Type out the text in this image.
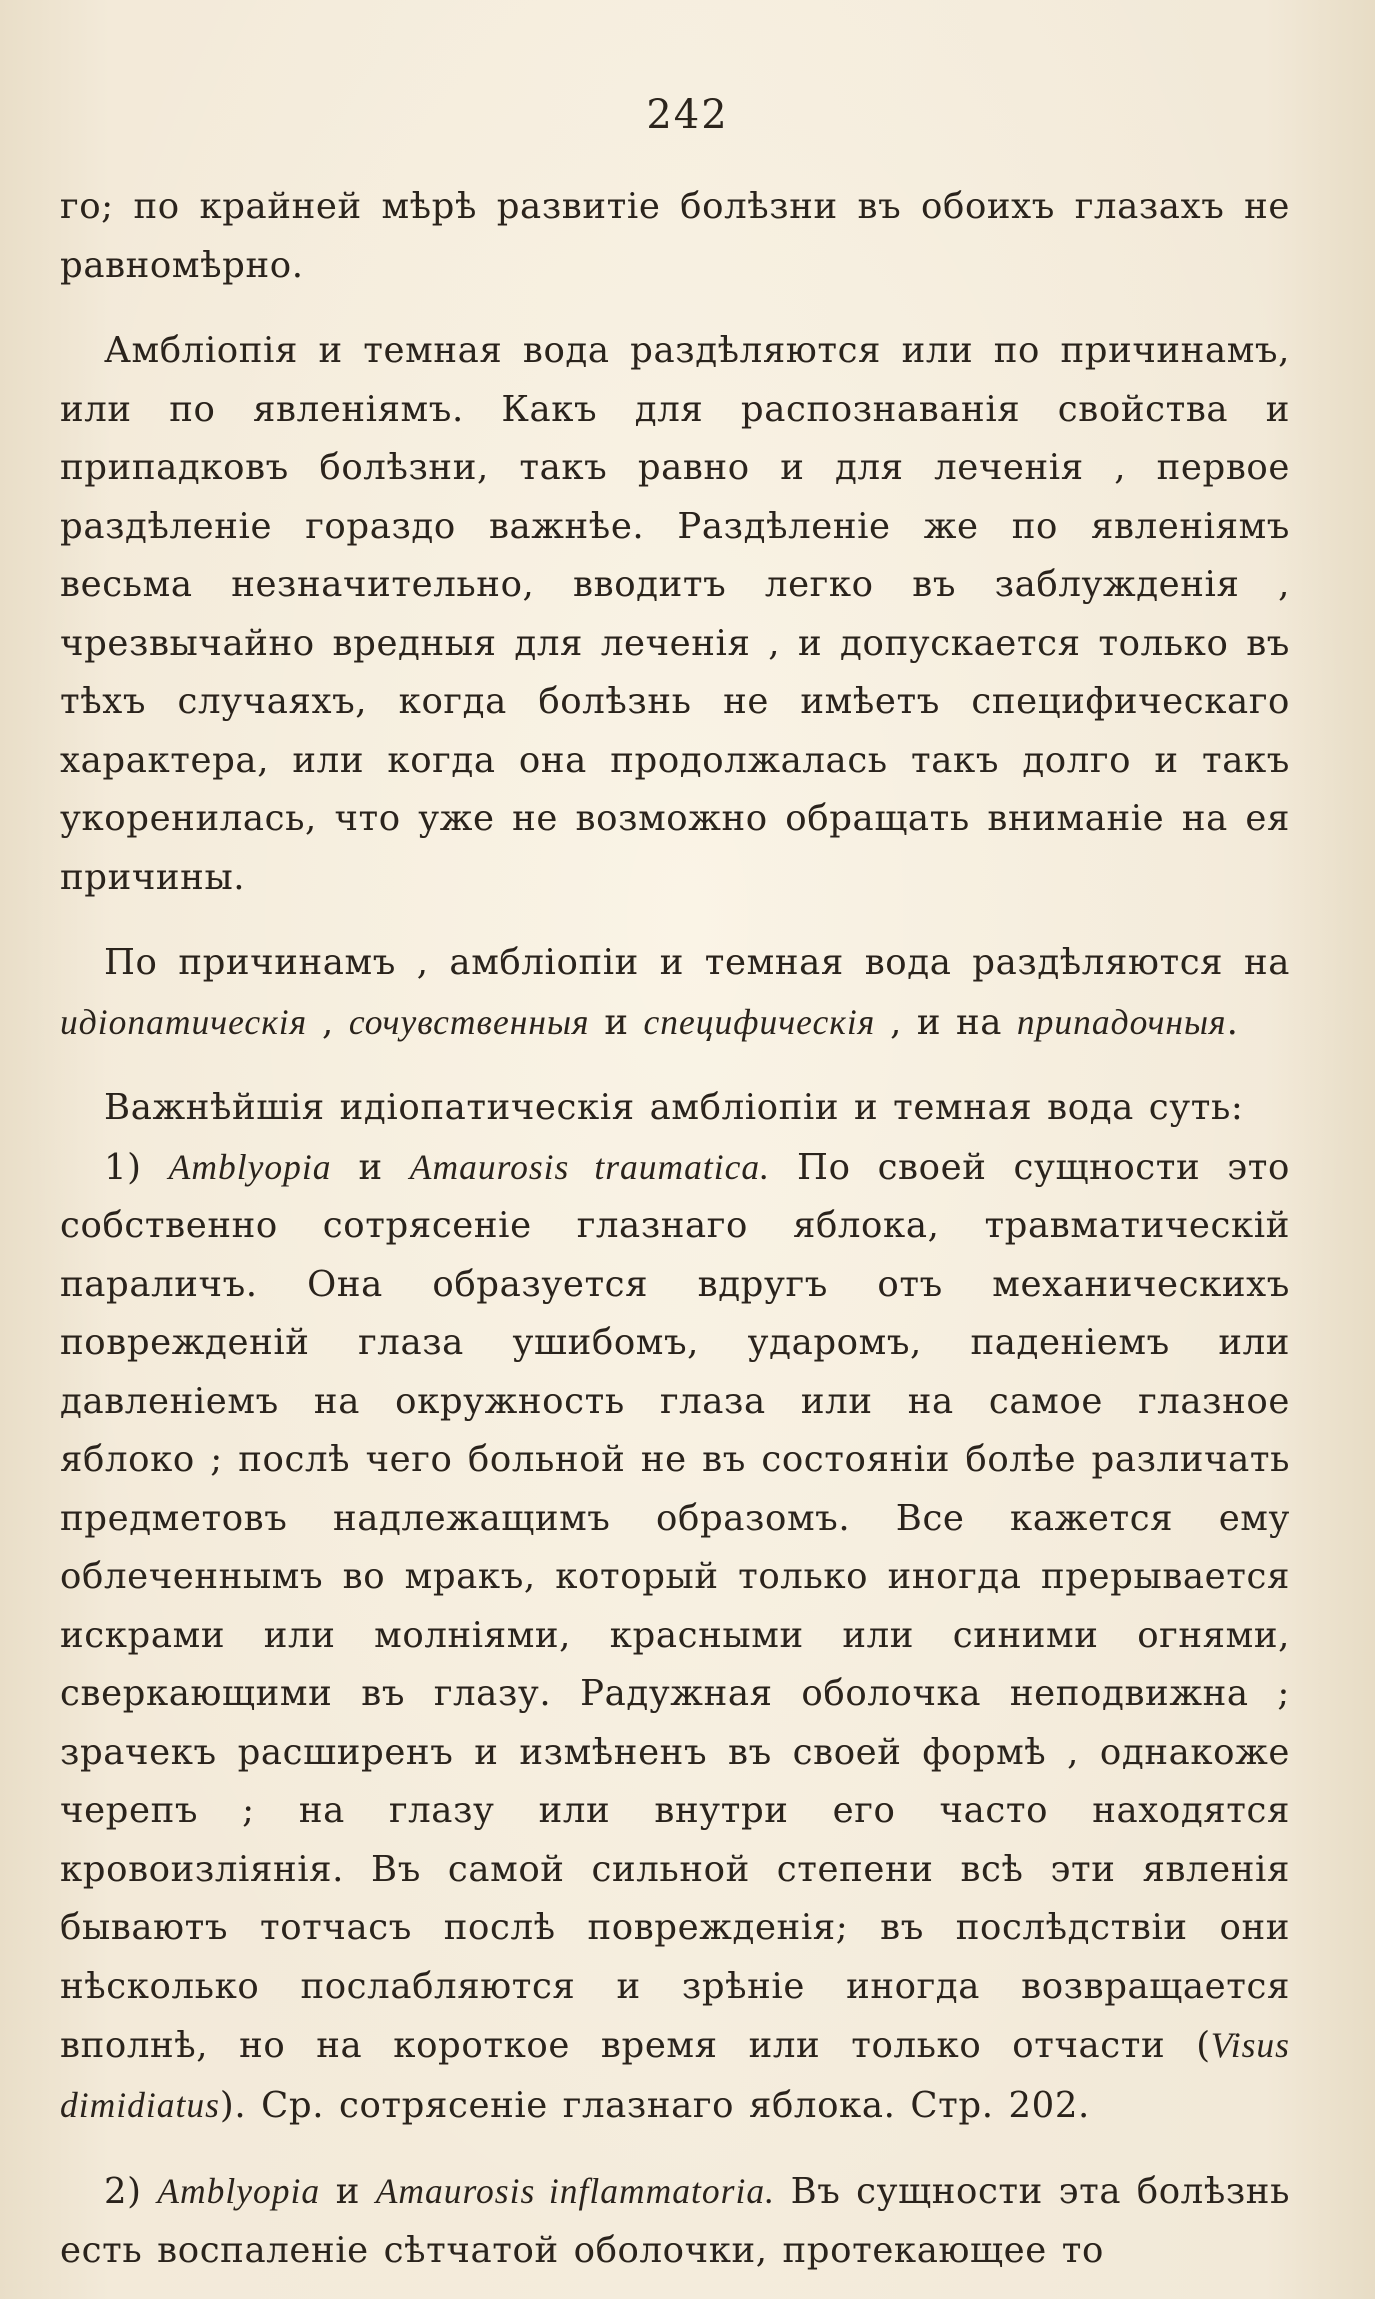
242

го; по крайней мѣрѣ развитіе болѣзни въ обоихъ глазахъ не равномѣрно.

Амбліопія и темная вода раздѣляются или по причинамъ, или по явленіямъ. Какъ для распознаванія свойства и припадковъ болѣзни, такъ равно и для леченія , первое раздѣленіе гораздо важнѣе. Раздѣленіе же по явленіямъ весьма незначительно, вводитъ легко въ заблужденія , чрезвычайно вредныя для леченія , и допускается только въ тѣхъ случаяхъ, когда болѣзнь не имѣетъ специфическаго характера, или когда она продолжалась такъ долго и такъ укоренилась, что уже не возможно обращать вниманіе на ея причины.

По причинамъ , амбліопіи и темная вода раздѣляются на идіопатическія , сочувственныя и специфическія , и на припадочныя.

Важнѣйшія идіопатическія амбліопіи и темная вода суть:

1) Amblyopia и Amaurosis traumatica. По своей сущности это собственно сотрясеніе глазнаго яблока, травматическій параличъ. Она образуется вдругъ отъ механическихъ поврежденій глаза ушибомъ, ударомъ, паденіемъ или давленіемъ на окружность глаза или на самое глазное яблоко ; послѣ чего больной не въ состояніи болѣе различать предметовъ надлежащимъ образомъ. Все кажется ему облеченнымъ во мракъ, который только иногда прерывается искрами или молніями, красными или синими огнями, сверкающими въ глазу. Радужная оболочка неподвижна ; зрачекъ расширенъ и измѣненъ въ своей формѣ , однакоже черепъ ; на глазу или внутри его часто находятся кровоизліянія. Въ самой сильной степени всѣ эти явленія бываютъ тотчасъ послѣ поврежденія; въ послѣдствіи они нѣсколько послабляются и зрѣніе иногда возвращается вполнѣ, но на короткое время или только отчасти (Visus dimidiatus). Ср. сотрясеніе глазнаго яблока. Стр. 202.

2) Amblyopia и Amaurosis inflammatoria. Въ сущности эта болѣзнь есть воспаленіе сѣтчатой оболочки, протекающее то
